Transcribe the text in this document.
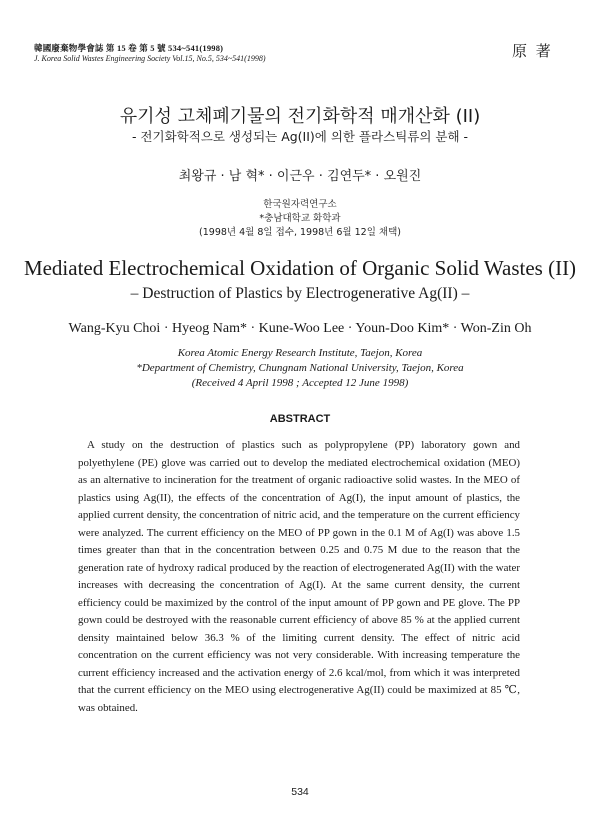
韓國廢棄物學會誌 第 15 卷 第 5 號 534~541(1998)
J. Korea Solid Wastes Engineering Society Vol.15, No.5, 534~541(1998)	原 著
유기성 고체폐기물의 전기화학적 매개산화 (II)
- 전기화학적으로 생성되는 Ag(II)에 의한 플라스틱류의 분해 -
최왕규 · 남 혁* · 이근우 · 김연두* · 오원진
한국원자력연구소
*충남대학교 화학과
(1998년 4월 8일 접수, 1998년 6월 12일 채택)
Mediated Electrochemical Oxidation of Organic Solid Wastes (II)
– Destruction of Plastics by Electrogenerative Ag(II) –
Wang-Kyu Choi · Hyeog Nam* · Kune-Woo Lee · Youn-Doo Kim* · Won-Zin Oh
Korea Atomic Energy Research Institute, Taejon, Korea
*Department of Chemistry, Chungnam National University, Taejon, Korea
(Received 4 April 1998 ; Accepted 12 June 1998)
ABSTRACT

A study on the destruction of plastics such as polypropylene (PP) laboratory gown and polyethylene (PE) glove was carried out to develop the mediated electrochemical oxidation (MEO) as an alternative to incineration for the treatment of organic radioactive solid wastes. In the MEO of plastics using Ag(II), the effects of the concentration of Ag(I), the input amount of plastics, the applied current density, the concentration of nitric acid, and the temperature on the current efficiency were analyzed. The current efficiency on the MEO of PP gown in the 0.1 M of Ag(I) was above 1.5 times greater than that in the concentration between 0.25 and 0.75 M due to the reason that the generation rate of hydroxy radical produced by the reaction of electrogenerated Ag(II) with the water increases with decreasing the concentration of Ag(I). At the same current density, the current efficiency could be maximized by the control of the input amount of PP gown and PE glove. The PP gown could be destroyed with the reasonable current efficiency of above 85 % at the applied current density maintained below 36.3 % of the limiting current density. The effect of nitric acid concentration on the current efficiency was not very considerable. With increasing temperature the current efficiency increased and the activation energy of 2.6 kcal/mol, from which it was interpreted that the current efficiency on the MEO using electrogenerative Ag(II) could be maximized at 85 ℃, was obtained.

534
